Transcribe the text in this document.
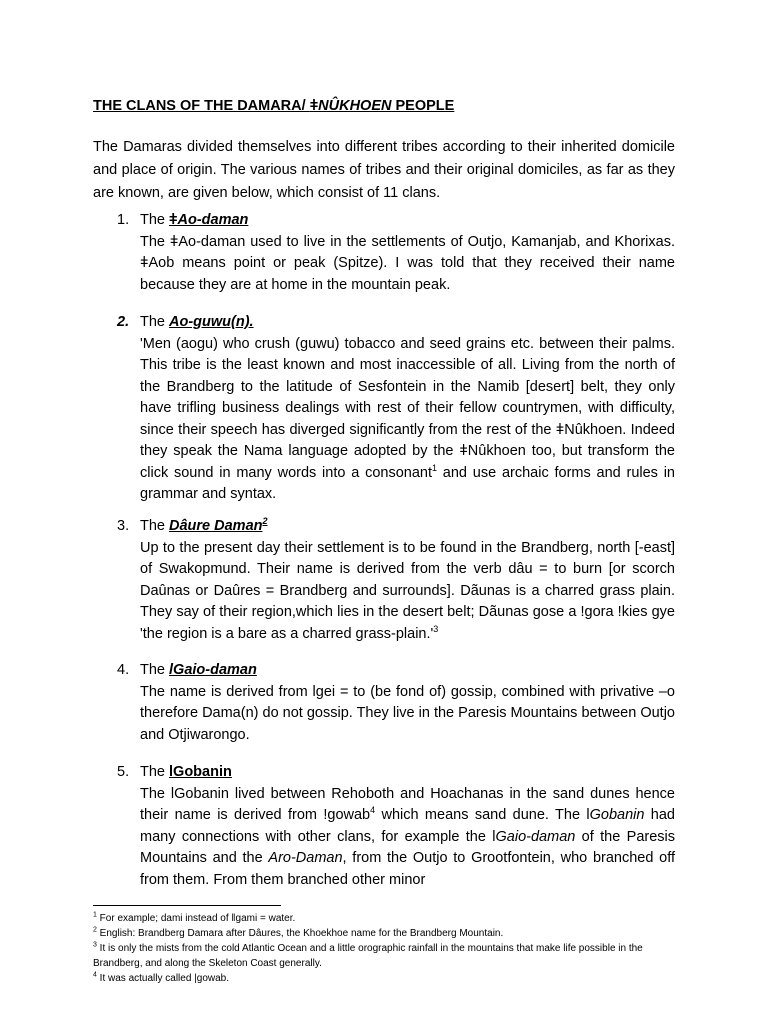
THE CLANS OF THE DAMARA/ ǂNÛKHOEN PEOPLE

The Damaras divided themselves into different tribes according to their inherited domicile and place of origin. The various names of tribes and their original domiciles, as far as they are known, are given below, which consist of 11 clans.

1. The ǂAo-daman

The ǂAo-daman used to live in the settlements of Outjo, Kamanjab, and Khorixas. ǂAob means point or peak (Spitze). I was told that they received their name because they are at home in the mountain peak.

2. The Ao-guwu(n).

'Men (aogu) who crush (guwu) tobacco and seed grains etc. between their palms. This tribe is the least known and most inaccessible of all. Living from the north of the Brandberg to the latitude of Sesfontein in the Namib [desert] belt, they only have trifling business dealings with rest of their fellow countrymen, with difficulty, since their speech has diverged significantly from the rest of the ǂNûkhoen. Indeed they speak the Nama language adopted by the ǂNûkhoen too, but transform the click sound in many words into a consonant$^1$ and use archaic forms and rules in grammar and syntax.

3. The Dâure Daman$^2$

Up to the present day their settlement is to be found in the Brandberg, north [-east] of Swakopmund. Their name is derived from the verb dâu = to burn [or scorch Daûnas or Daûres = Brandberg and surrounds]. Dãunas is a charred grass plain. They say of their region,which lies in the desert belt; Dãunas gose a !gora !kies gye 'the region is a bare as a charred grass-$plain.'^3$

4. The lGaio-daman

The name is derived from lgei = to (be fond of) gossip, combined with privative –o therefore Dama(n) do not gossip. They live in the Paresis Mountains between Outjo and Otjiwarongo.

5. The lGobanin

The lGobanin lived between Rehoboth and Hoachanas in the sand dunes hence their name is derived from !gowab$^4$ which means sand dune. The lGobanin had many connections with other clans, for example the lGaio-daman of the Paresis Mountains and the Aro-Daman, from the Outjo to Grootfontein, who branched off from them. From them branched other minor

$^1$ For example; dami instead of ǁgami = water.
$^2$ English: Brandberg Damara after Dâures, the Khoekhoe name for the Brandberg Mountain.
$^3$ It is only the mists from the cold Atlantic Ocean and a little orographic rainfall in the mountains that make life possible in the Brandberg, and along the Skeleton Coast generally.
$^4$ It was actually called |gowab.
